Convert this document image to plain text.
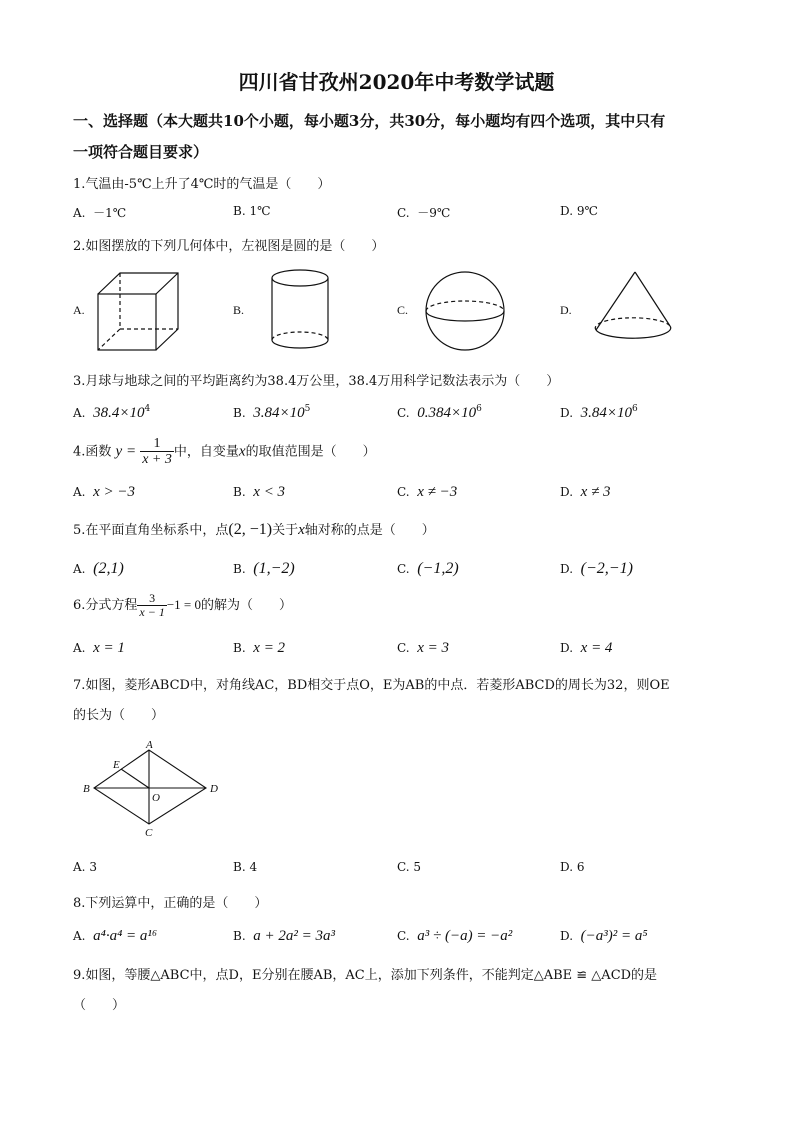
四川省甘孜州2020年中考数学试题
一、选择题（本大题共10个小题，每小题3分，共30分，每小题均有四个选项，其中只有
一项符合题目要求）
1.气温由-5℃上升了4℃时的气温是（　　）
A. －1℃	B. 1℃	C. －9℃	D. 9℃
2.如图摆放的下列几何体中，左视图是圆的是（　　）
A.	B.	C.	D.
3.月球与地球之间的平均距离约为38.4万公里，38.4万用科学记数法表示为（　　）
A. $38.4\times 10^4$	B. $3.84\times 10^5$	C. $0.384\times 10^6$	D. $3.84\times 10^6$
4.函数 $y = \frac{1}{x + 3}$ 中，自变量x的取值范围是（　　）
A. x > −3	B. x < 3	C. x ≠ −3	D. x ≠ 3
5.在平面直角坐标系中，点(2, −1)关于x轴对称的点是（　　）
A. (2,1)	B. (1,−2)	C. (−1,2)	D. (−2,−1)
6.分式方程 $\frac{3}{x - 1} -1 = 0$的解为（　　）
A. x = 1	B. x = 2	C. x = 3	D. x = 4
7.如图，菱形ABCD中，对角线AC，BD相交于点O，E为AB的中点．若菱形ABCD的周长为32，则OE
的长为（　　）
A
B
C
D
E
O
A. 3	B. 4	C. 5	D. 6
8.下列运算中，正确的是（　　）
A. a⁴·a⁴ = a¹⁶	B. a + 2a² = 3a³	C. a³ ÷ (−a) = −a²	D. (−a³)² = a⁵
9.如图，等腰△ABC中，点D，E分别在腰AB，AC上，添加下列条件，不能判定△ABE ≌ △ACD的是
（　　）
